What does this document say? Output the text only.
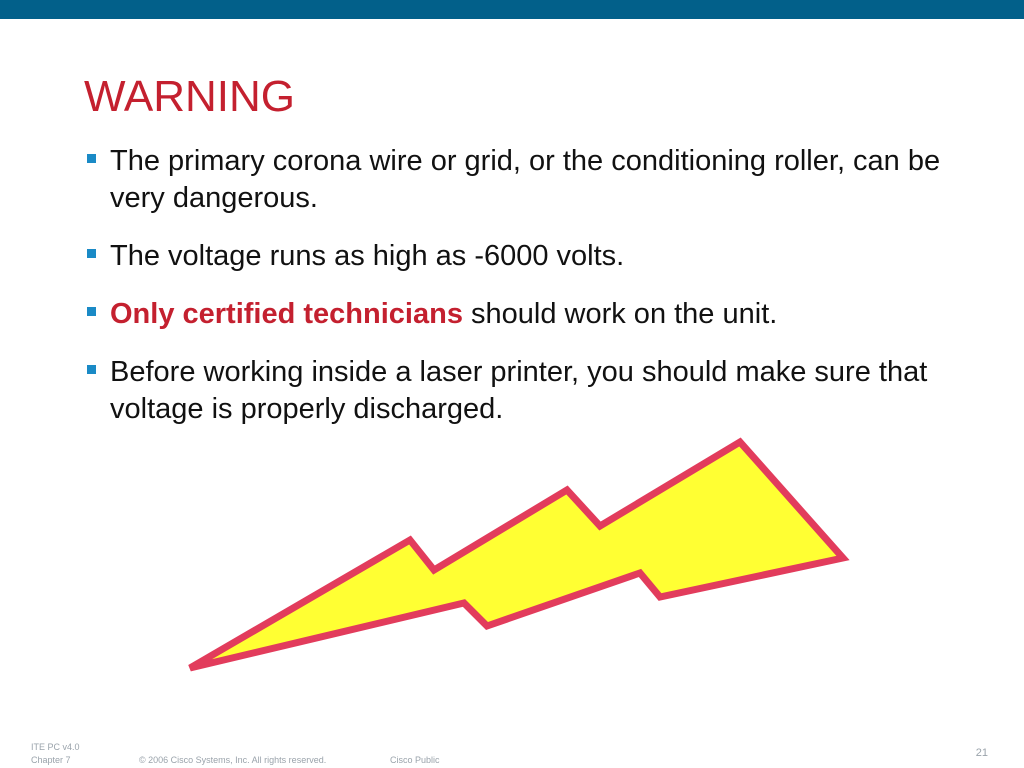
WARNING
The primary corona wire or grid, or the conditioning roller, can be very dangerous.
The voltage runs as high as -6000 volts.
Only certified technicians should work on the unit.
Before working inside a laser printer, you should make sure that voltage is properly discharged.
ITE PC v4.0
Chapter 7	© 2006 Cisco Systems, Inc. All rights reserved.	Cisco Public
21
